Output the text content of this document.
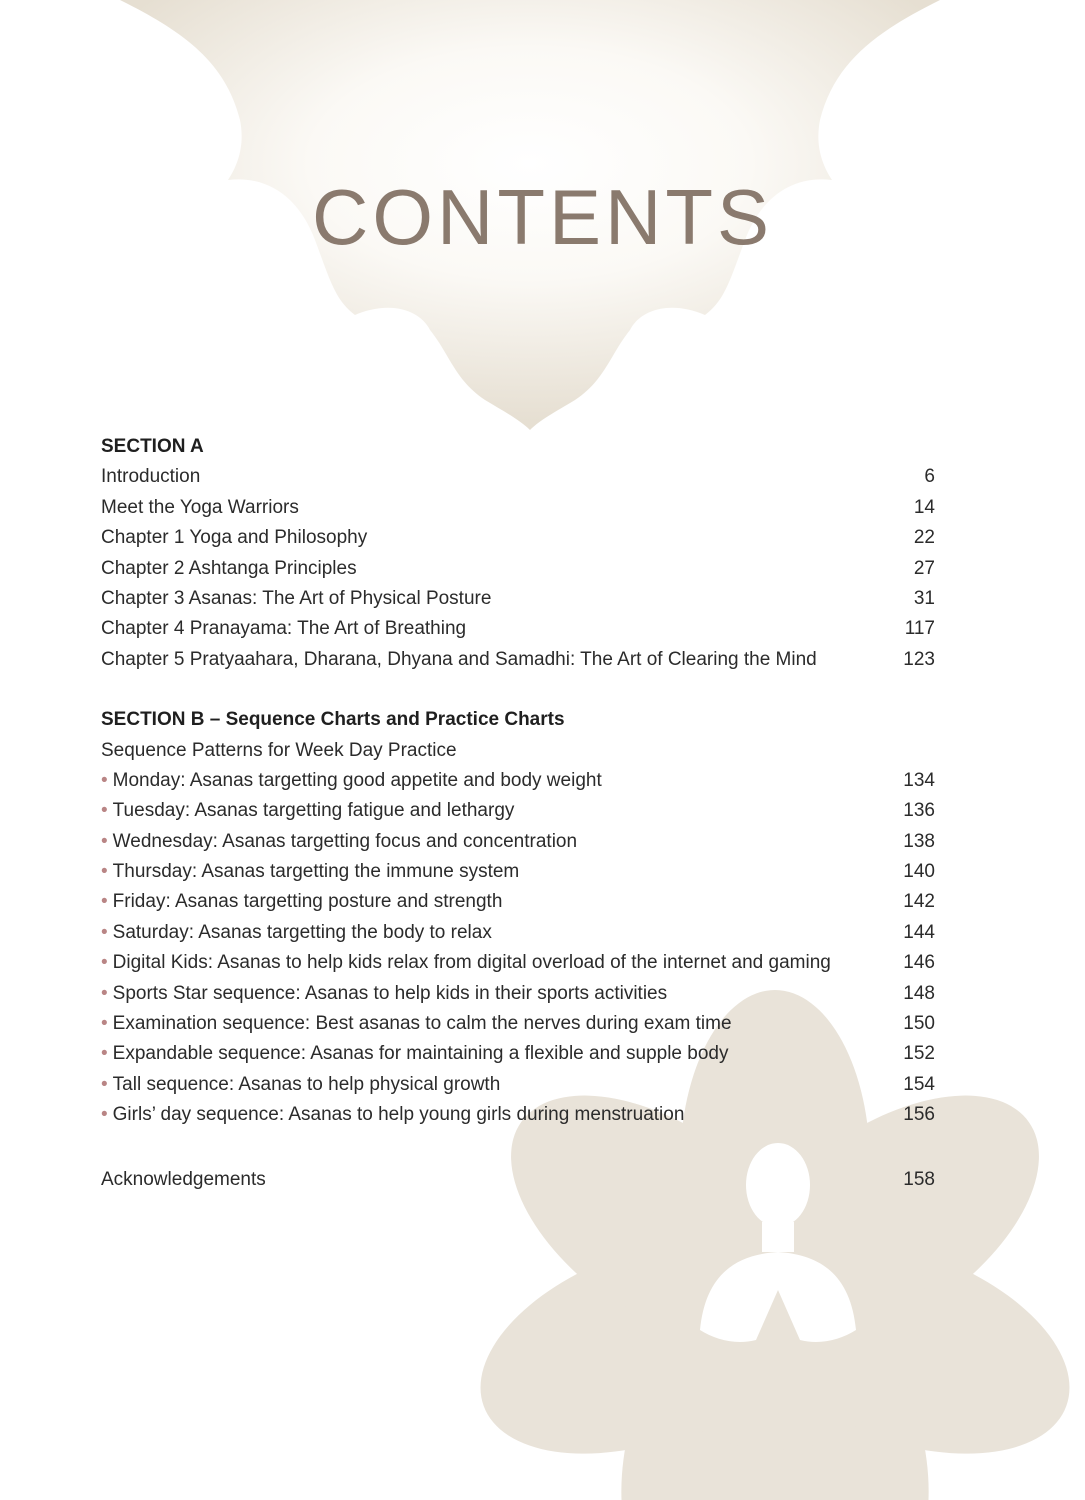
CONTENTS
SECTION A
Introduction	6
Meet the Yoga Warriors	14
Chapter 1 Yoga and Philosophy	22
Chapter 2 Ashtanga Principles	27
Chapter 3 Asanas: The Art of Physical Posture	31
Chapter 4 Pranayama: The Art of Breathing	117
Chapter 5 Pratyaahara, Dharana, Dhyana and Samadhi: The Art of Clearing the Mind	123
SECTION B – Sequence Charts and Practice Charts
Sequence Patterns for Week Day Practice
• Monday: Asanas targetting good appetite and body weight	134
• Tuesday: Asanas targetting fatigue and lethargy	136
• Wednesday: Asanas targetting focus and concentration	138
• Thursday: Asanas targetting the immune system	140
• Friday: Asanas targetting posture and strength	142
• Saturday: Asanas targetting the body to relax	144
• Digital Kids: Asanas to help kids relax from digital overload of the internet and gaming	146
• Sports Star sequence: Asanas to help kids in their sports activities	148
• Examination sequence: Best asanas to calm the nerves during exam time	150
• Expandable sequence: Asanas for maintaining a flexible and supple body	152
• Tall sequence: Asanas to help physical growth	154
• Girls’ day sequence: Asanas to help young girls during menstruation	156
Acknowledgements	158
